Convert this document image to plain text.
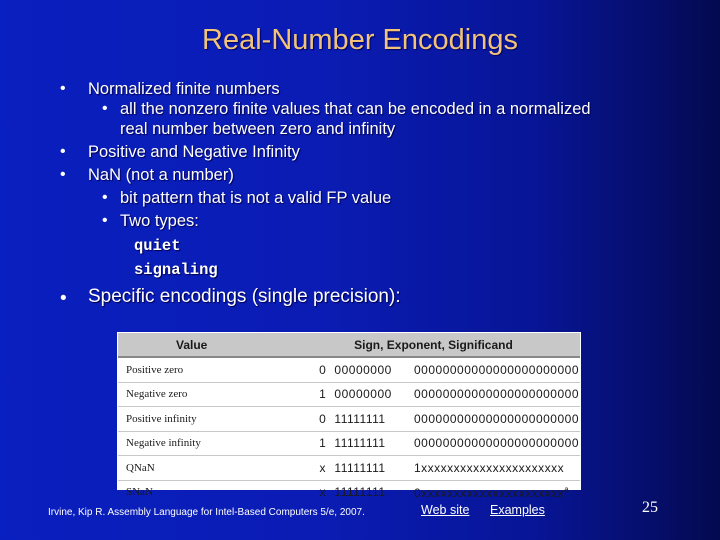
Real-Number Encodings
• Normalized finite numbers
• all the nonzero finite values that can be encoded in a normalized
real number between zero and infinity
• Positive and Negative Infinity
• NaN (not a number)
• bit pattern that is not a valid FP value
• Two types:
quiet
signaling
• Specific encodings (single precision):
Value	Sign, Exponent, Significand		
Positive zero	0	00000000	00000000000000000000000
Negative zero	1	00000000	00000000000000000000000
Positive infinity	0	11111111	00000000000000000000000
Negative infinity	1	11111111	00000000000000000000000
QNaN	x	11111111	1xxxxxxxxxxxxxxxxxxxxxx
SNaN	x	11111111	0xxxxxxxxxxxxxxxxxxxxxx$^a$
Irvine, Kip R. Assembly Language for Intel-Based Computers 5/e, 2007.	Web site Examples	25
